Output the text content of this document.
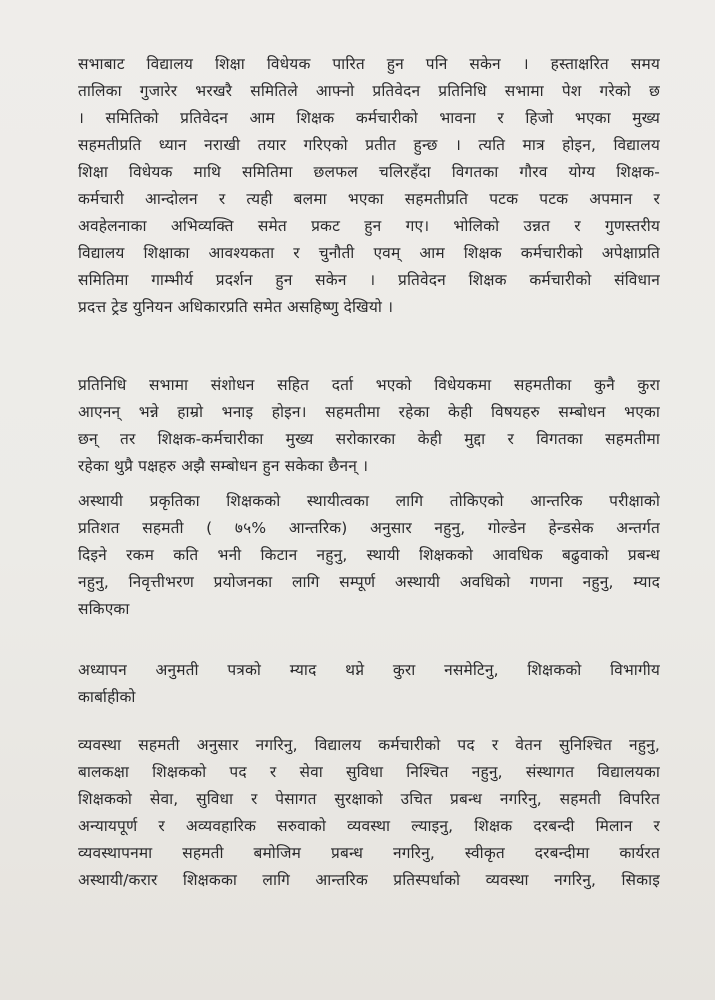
सभाबाट विद्यालय शिक्षा विधेयक पारित हुन पनि सकेन । हस्ताक्षरित समय
तालिका गुजारेर भरखरै समितिले आफ्नो प्रतिवेदन प्रतिनिधि सभामा पेश गरेको छ
। समितिको प्रतिवेदन आम शिक्षक कर्मचारीको भावना र हिजो भएका मुख्य
सहमतीप्रति ध्यान नराखी तयार गरिएको प्रतीत हुन्छ । त्यति मात्र होइन, विद्यालय
शिक्षा विधेयक माथि समितिमा छलफल चलिरहँदा विगतका गौरव योग्य शिक्षक-
कर्मचारी आन्दोलन र त्यही बलमा भएका सहमतीप्रति पटक पटक अपमान र
अवहेलनाका अभिव्यक्ति समेत प्रकट हुन गए। भोलिको उन्नत र गुणस्तरीय
विद्यालय शिक्षाका आवश्यकता र चुनौती एवम् आम शिक्षक कर्मचारीको अपेक्षाप्रति
समितिमा गाम्भीर्य प्रदर्शन हुन सकेन । प्रतिवेदन शिक्षक कर्मचारीको संविधान
प्रदत्त ट्रेड युनियन अधिकारप्रति समेत असहिष्णु देखियो ।
प्रतिनिधि सभामा संशोधन सहित दर्ता भएको विधेयकमा सहमतीका कुनै कुरा
आएनन् भन्ने हाम्रो भनाइ होइन। सहमतीमा रहेका केही विषयहरु सम्बोधन भएका
छन् तर शिक्षक-कर्मचारीका मुख्य सरोकारका केही मुद्दा र विगतका सहमतीमा
रहेका थुप्रै पक्षहरु अझै सम्बोधन हुन सकेका छैनन् ।
अस्थायी प्रकृतिका शिक्षकको स्थायीत्वका लागि तोकिएको आन्तरिक परीक्षाको
प्रतिशत सहमती ( ७५% आन्तरिक) अनुसार नहुनु, गोल्डेन हेन्डसेक अन्तर्गत
दिइने रकम कति भनी किटान नहुनु, स्थायी शिक्षकको आवधिक बढुवाको प्रबन्ध
नहुनु, निवृत्तीभरण प्रयोजनका लागि सम्पूर्ण अस्थायी अवधिको गणना नहुनु, म्याद
सकिएका
अध्यापन अनुमती पत्रको म्याद थप्ने कुरा नसमेटिनु, शिक्षकको विभागीय
कार्बाहीको
व्यवस्था सहमती अनुसार नगरिनु, विद्यालय कर्मचारीको पद र वेतन सुनिश्चित नहुनु,
बालकक्षा शिक्षकको पद र सेवा सुविधा निश्चित नहुनु, संस्थागत विद्यालयका
शिक्षकको सेवा, सुविधा र पेसागत सुरक्षाको उचित प्रबन्ध नगरिनु, सहमती विपरित
अन्यायपूर्ण र अव्यवहारिक सरुवाको व्यवस्था ल्याइनु, शिक्षक दरबन्दी मिलान र
व्यवस्थापनमा सहमती बमोजिम प्रबन्ध नगरिनु, स्वीकृत दरबन्दीमा कार्यरत
अस्थायी/करार शिक्षकका लागि आन्तरिक प्रतिस्पर्धाको व्यवस्था नगरिनु, सिकाइ
